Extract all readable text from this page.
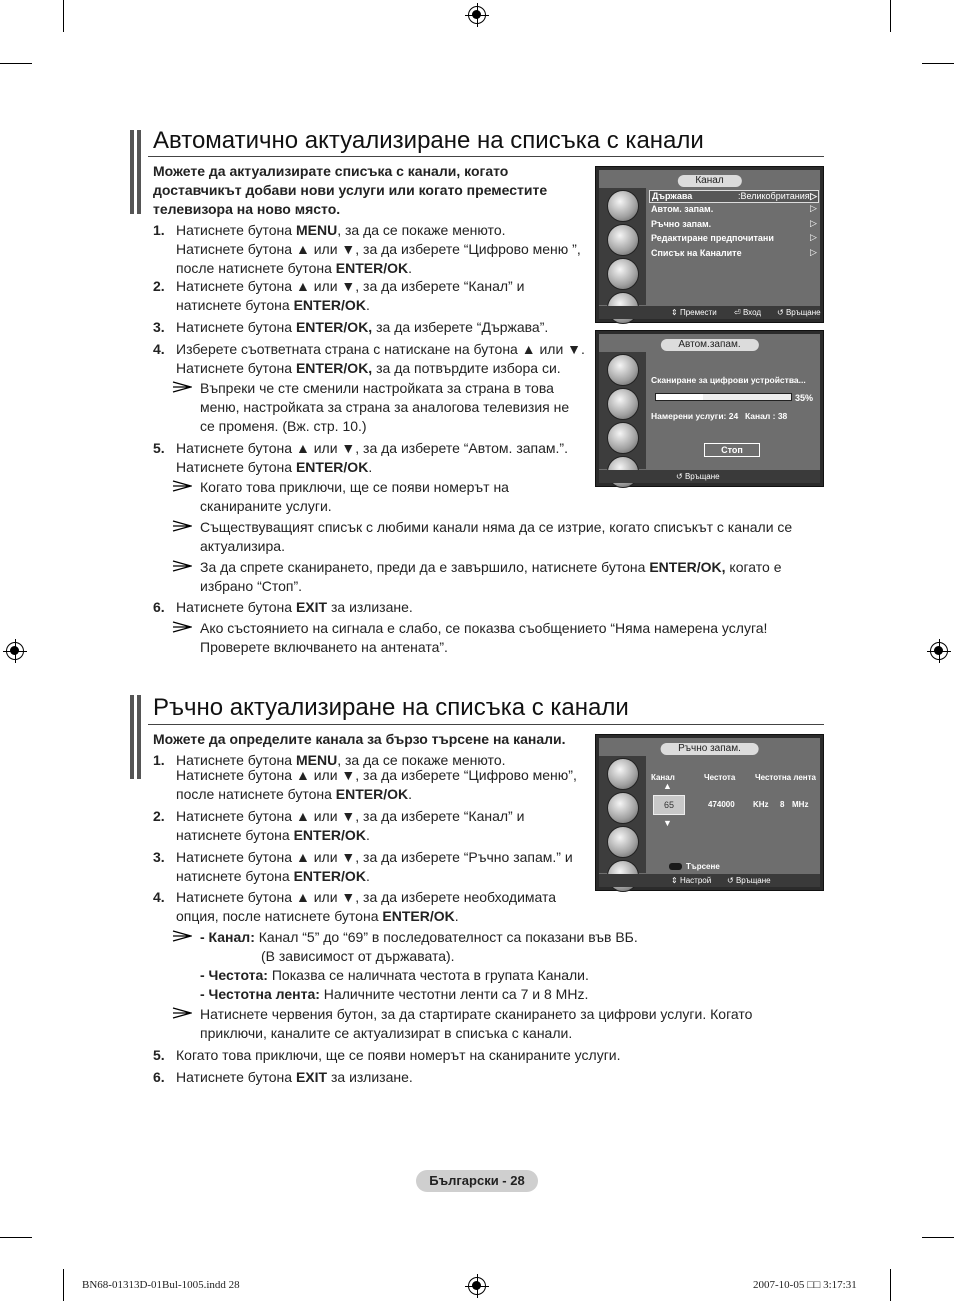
Автоматично актуализиране на списъка с канали
Можете да актуализирате списъка с канали, когато доставчикът добави нови услуги или когато преместите телевизора на ново място.
1. Натиснете бутона MENU, за да се покаже менюто.
Натиснете бутона ▲ или ▼, за да изберете “Цифрово меню ”,
после натиснете бутона ENTER/OK.
2. Натиснете бутона ▲ или ▼, за да изберете “Канал” и
натиснете бутона ENTER/OK.
3. Натиснете бутона ENTER/OK, за да изберете “Държава”.
4. Изберете съответната страна с натискане на бутона ▲ или ▼.
Натиснете бутона ENTER/OK, за да потвърдите избора си.
Въпреки че сте сменили настройката за страна в това меню, настройката за страна за аналогова телевизия не се променя. (Вж. стр. 10.)
5. Натиснете бутона ▲ или ▼, за да изберете “Автом. запам.”.
Натиснете бутона ENTER/OK.
Когато това приключи, ще се появи номерът на сканираните услуги.
Съществуващият списък с любими канали няма да се изтрие, когато списъкът с канали се актуализира.
За да спрете сканирането, преди да е завършило, натиснете бутона ENTER/OK, когато е избрано “Стоп”.
6. Натиснете бутона EXIT за излизане.
Ако състоянието на сигнала е слабо, се показва съобщението “Няма намерена услуга! Проверете включването на антената”.
Канал
Държава	:Великобритания ▷
Автом. запам.	▷
Ръчно запам.	▷
Редактиране предпочитани	▷
Списък на Каналите	▷
⇕ Премести ⏎ Вход ↺ Връщане
Автом.запам.
Сканиране за цифрови устройства...
35%
Намерени услуги: 24 Канал : 38
Стоп
↺ Връщане
Ръчно актуализиране на списъка с канали
Можете да определите канала за бързо търсене на канали.
1. Натиснете бутона MENU, за да се покаже менюто.
Натиснете бутона ▲ или ▼, за да изберете “Цифрово меню”,
после натиснете бутона ENTER/OK.
2. Натиснете бутона ▲ или ▼, за да изберете “Канал” и
натиснете бутона ENTER/OK.
3. Натиснете бутона ▲ или ▼, за да изберете “Ръчно запам.” и
натиснете бутона ENTER/OK.
4. Натиснете бутона ▲ или ▼, за да изберете необходимата
опция, после натиснете бутона ENTER/OK.
- Канал: Канал “5” до “69” в последователност са показани във ВБ.
(В зависимост от държавата).
- Честота: Показва се наличната честота в групата Канали.
- Честотна лента: Наличните честотни ленти са 7 и 8 MHz.
Натиснете червения бутон, за да стартирате сканирането за цифрови услуги. Когато приключи, каналите се актуализират в списъка с канали.
5. Когато това приключи, ще се появи номерът на сканираните услуги.
6. Натиснете бутона EXIT за излизане.
Ръчно запам.
Канал	Честота Честотна лента
▲
65
▼
474000 KHz 8 MHz
Търсене
⇕ Настрой ↺ Връщане
Български - 28
BN68-01313D-01Bul-1005.indd 28	2007-10-05 □□ 3:17:31
